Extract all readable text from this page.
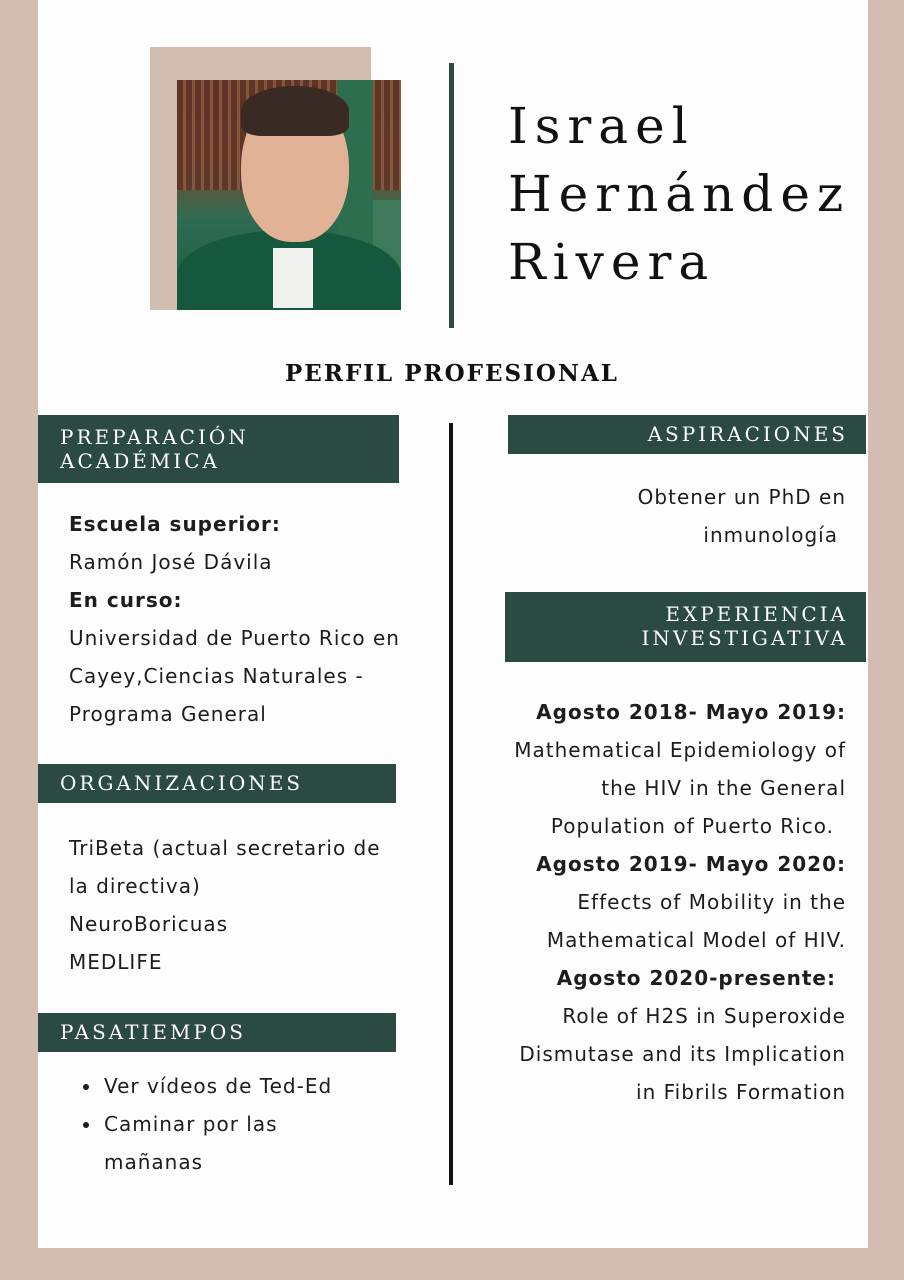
Israel
Hernández
Rivera
PERFIL PROFESIONAL
PREPARACIÓN
ACADÉMICA
Escuela superior:
Ramón José Dávila
En curso:
Universidad de Puerto Rico en
Cayey,Ciencias Naturales -
Programa General
ORGANIZACIONES
TriBeta (actual secretario de
la directiva)
NeuroBoricuas
MEDLIFE
PASATIEMPOS
• Ver vídeos de Ted-Ed
• Caminar por las mañanas
ASPIRACIONES
Obtener un PhD en
inmunología
EXPERIENCIA
INVESTIGATIVA
Agosto 2018- Mayo 2019:
Mathematical Epidemiology of
the HIV in the General
Population of Puerto Rico.
Agosto 2019- Mayo 2020:
Effects of Mobility in the
Mathematical Model of HIV.
Agosto 2020-presente:
Role of H2S in Superoxide
Dismutase and its Implication
in Fibrils Formation
